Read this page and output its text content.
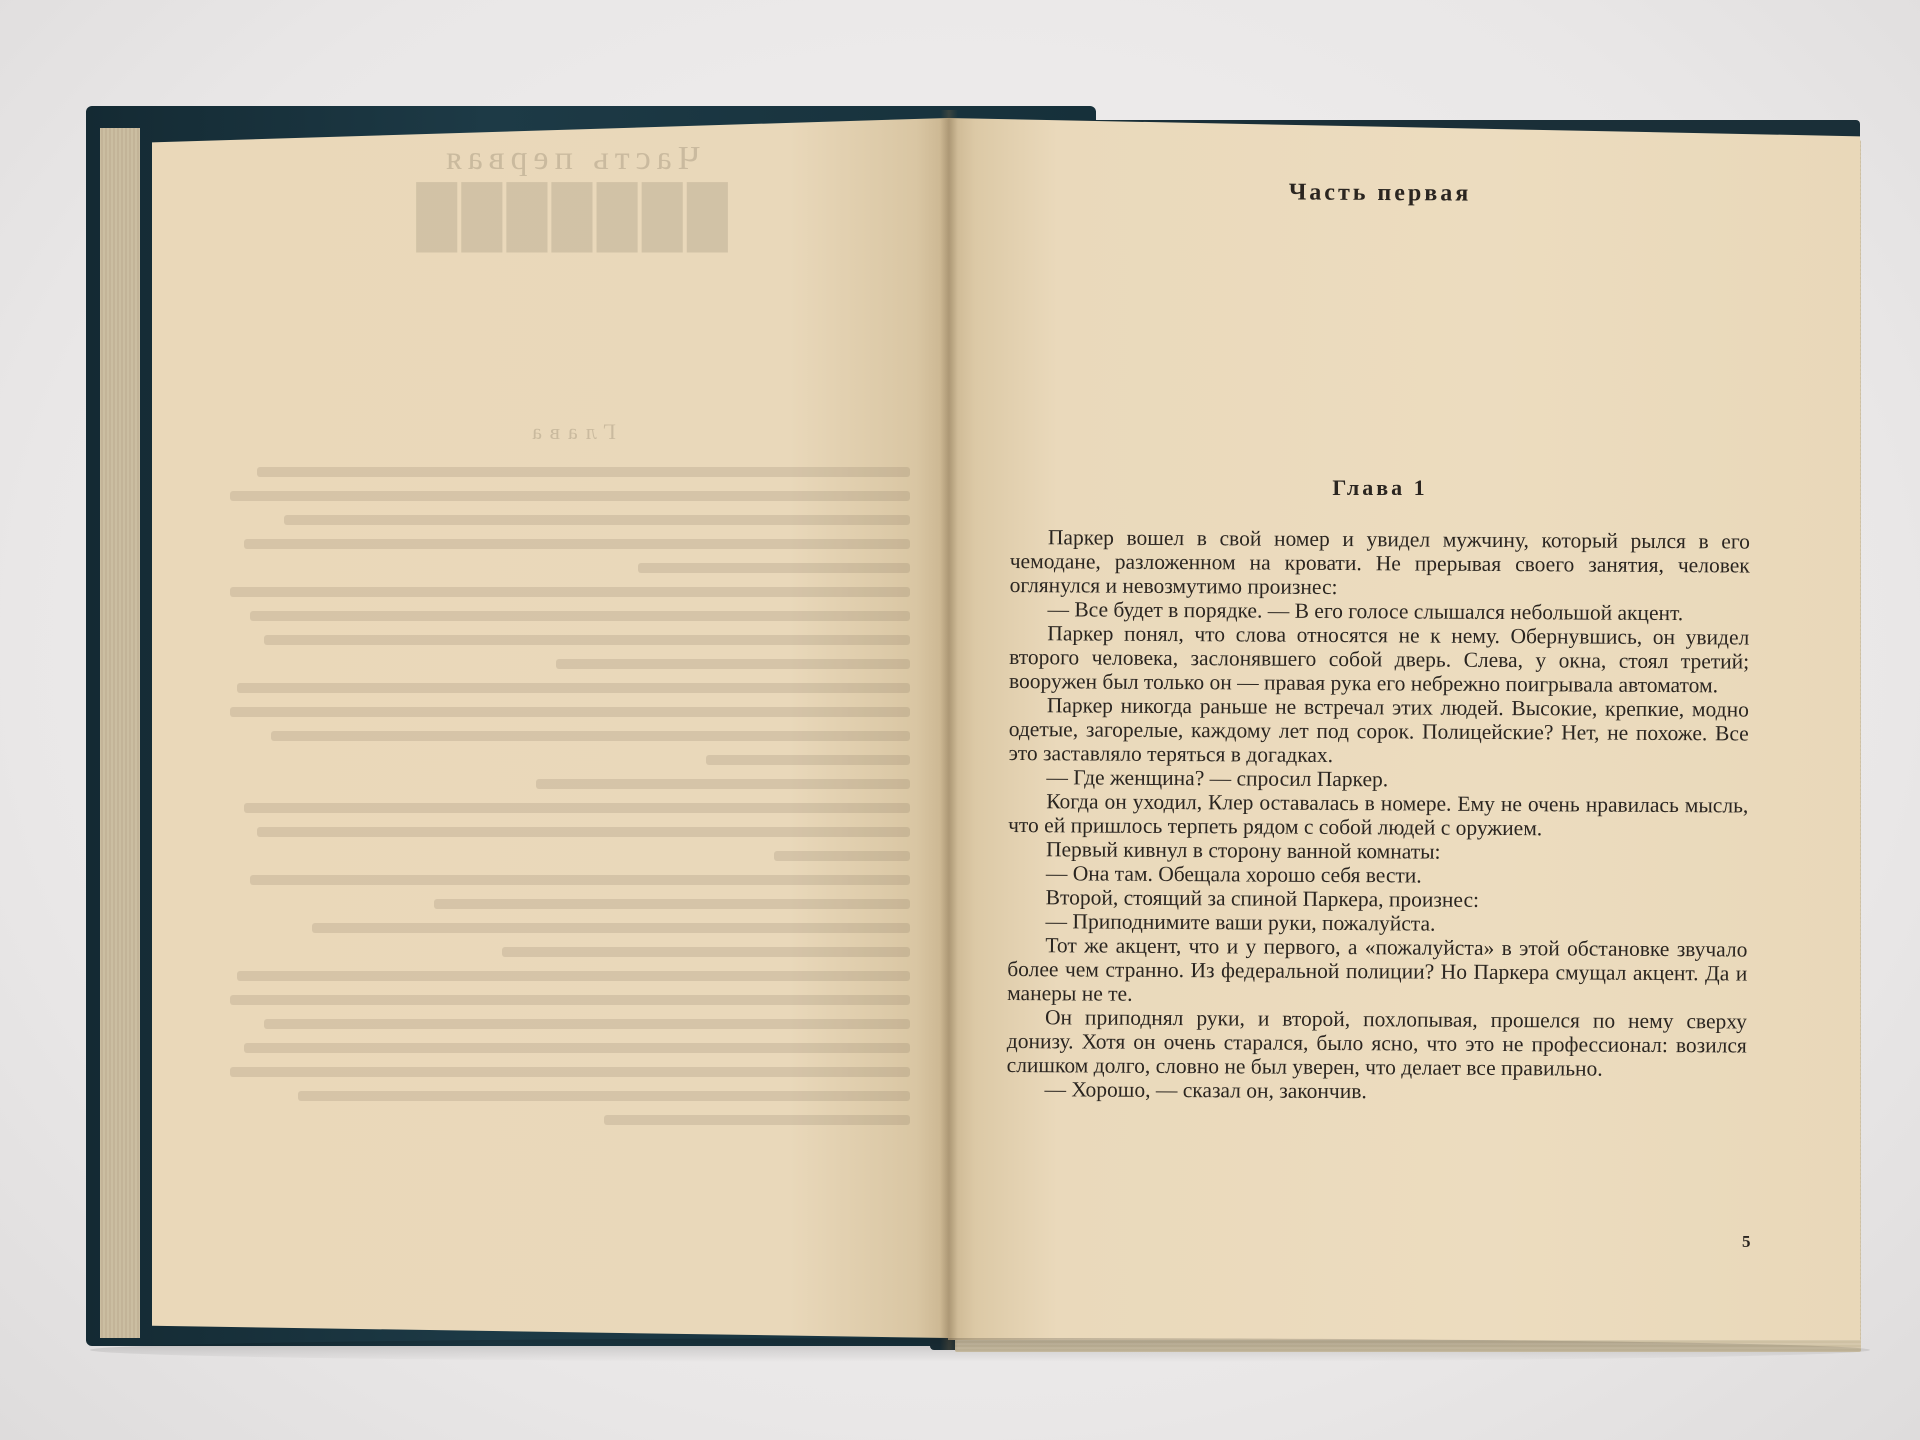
Часть первая
███████
Глава
Часть первая
Глава 1

Паркер вошел в свой номер и увидел мужчину, который рылся в его чемодане, разложенном на кровати. Не прерывая своего занятия, человек оглянулся и невозмутимо произнес:

— Все будет в порядке. — В его голосе слышался небольшой акцент.

Паркер понял, что слова относятся не к нему. Обернувшись, он увидел второго человека, заслонявшего собой дверь. Слева, у окна, стоял третий; вооружен был только он — правая рука его небрежно поигрывала автоматом.

Паркер никогда раньше не встречал этих людей. Высокие, крепкие, модно одетые, загорелые, каждому лет под сорок. Полицейские? Нет, не похоже. Все это заставляло теряться в догадках.

— Где женщина? — спросил Паркер.

Когда он уходил, Клер оставалась в номере. Ему не очень нравилась мысль, что ей пришлось терпеть рядом с собой людей с оружием.

Первый кивнул в сторону ванной комнаты:

— Она там. Обещала хорошо себя вести.

Второй, стоящий за спиной Паркера, произнес:

— Приподнимите ваши руки, пожалуйста.

Тот же акцент, что и у первого, а «пожалуйста» в этой обстановке звучало более чем странно. Из федеральной полиции? Но Паркера смущал акцент. Да и манеры не те.

Он приподнял руки, и второй, похлопывая, прошелся по нему сверху донизу. Хотя он очень старался, было ясно, что это не профессионал: возился слишком долго, словно не был уверен, что делает все правильно.

— Хорошо, — сказал он, закончив.

5
